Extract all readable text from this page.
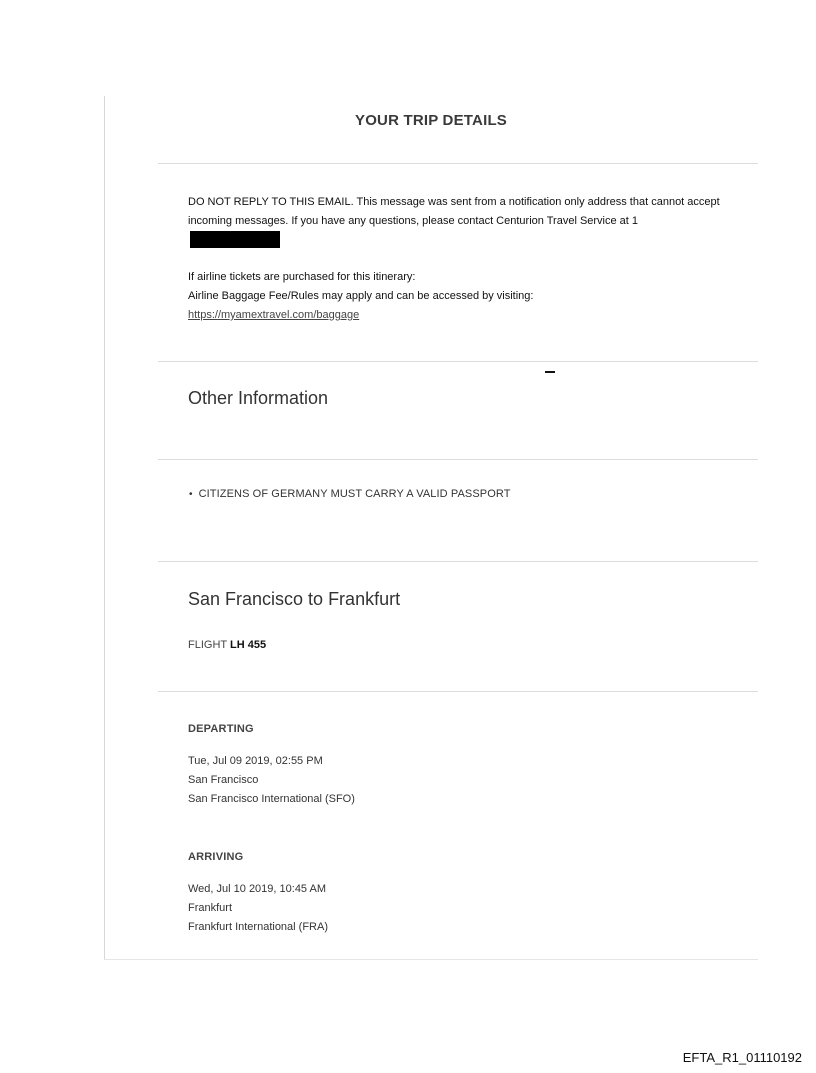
YOUR TRIP DETAILS
DO NOT REPLY TO THIS EMAIL. This message was sent from a notification only address that cannot accept incoming messages. If you have any questions, please contact Centurion Travel Service at 1
If airline tickets are purchased for this itinerary:
Airline Baggage Fee/Rules may apply and can be accessed by visiting:
https://myamextravel.com/baggage
Other Information
• CITIZENS OF GERMANY MUST CARRY A VALID PASSPORT
San Francisco to Frankfurt
FLIGHT LH 455
DEPARTING
Tue, Jul 09 2019, 02:55 PM
San Francisco
San Francisco International (SFO)
ARRIVING
Wed, Jul 10 2019, 10:45 AM
Frankfurt
Frankfurt International (FRA)
EFTA_R1_01110192
